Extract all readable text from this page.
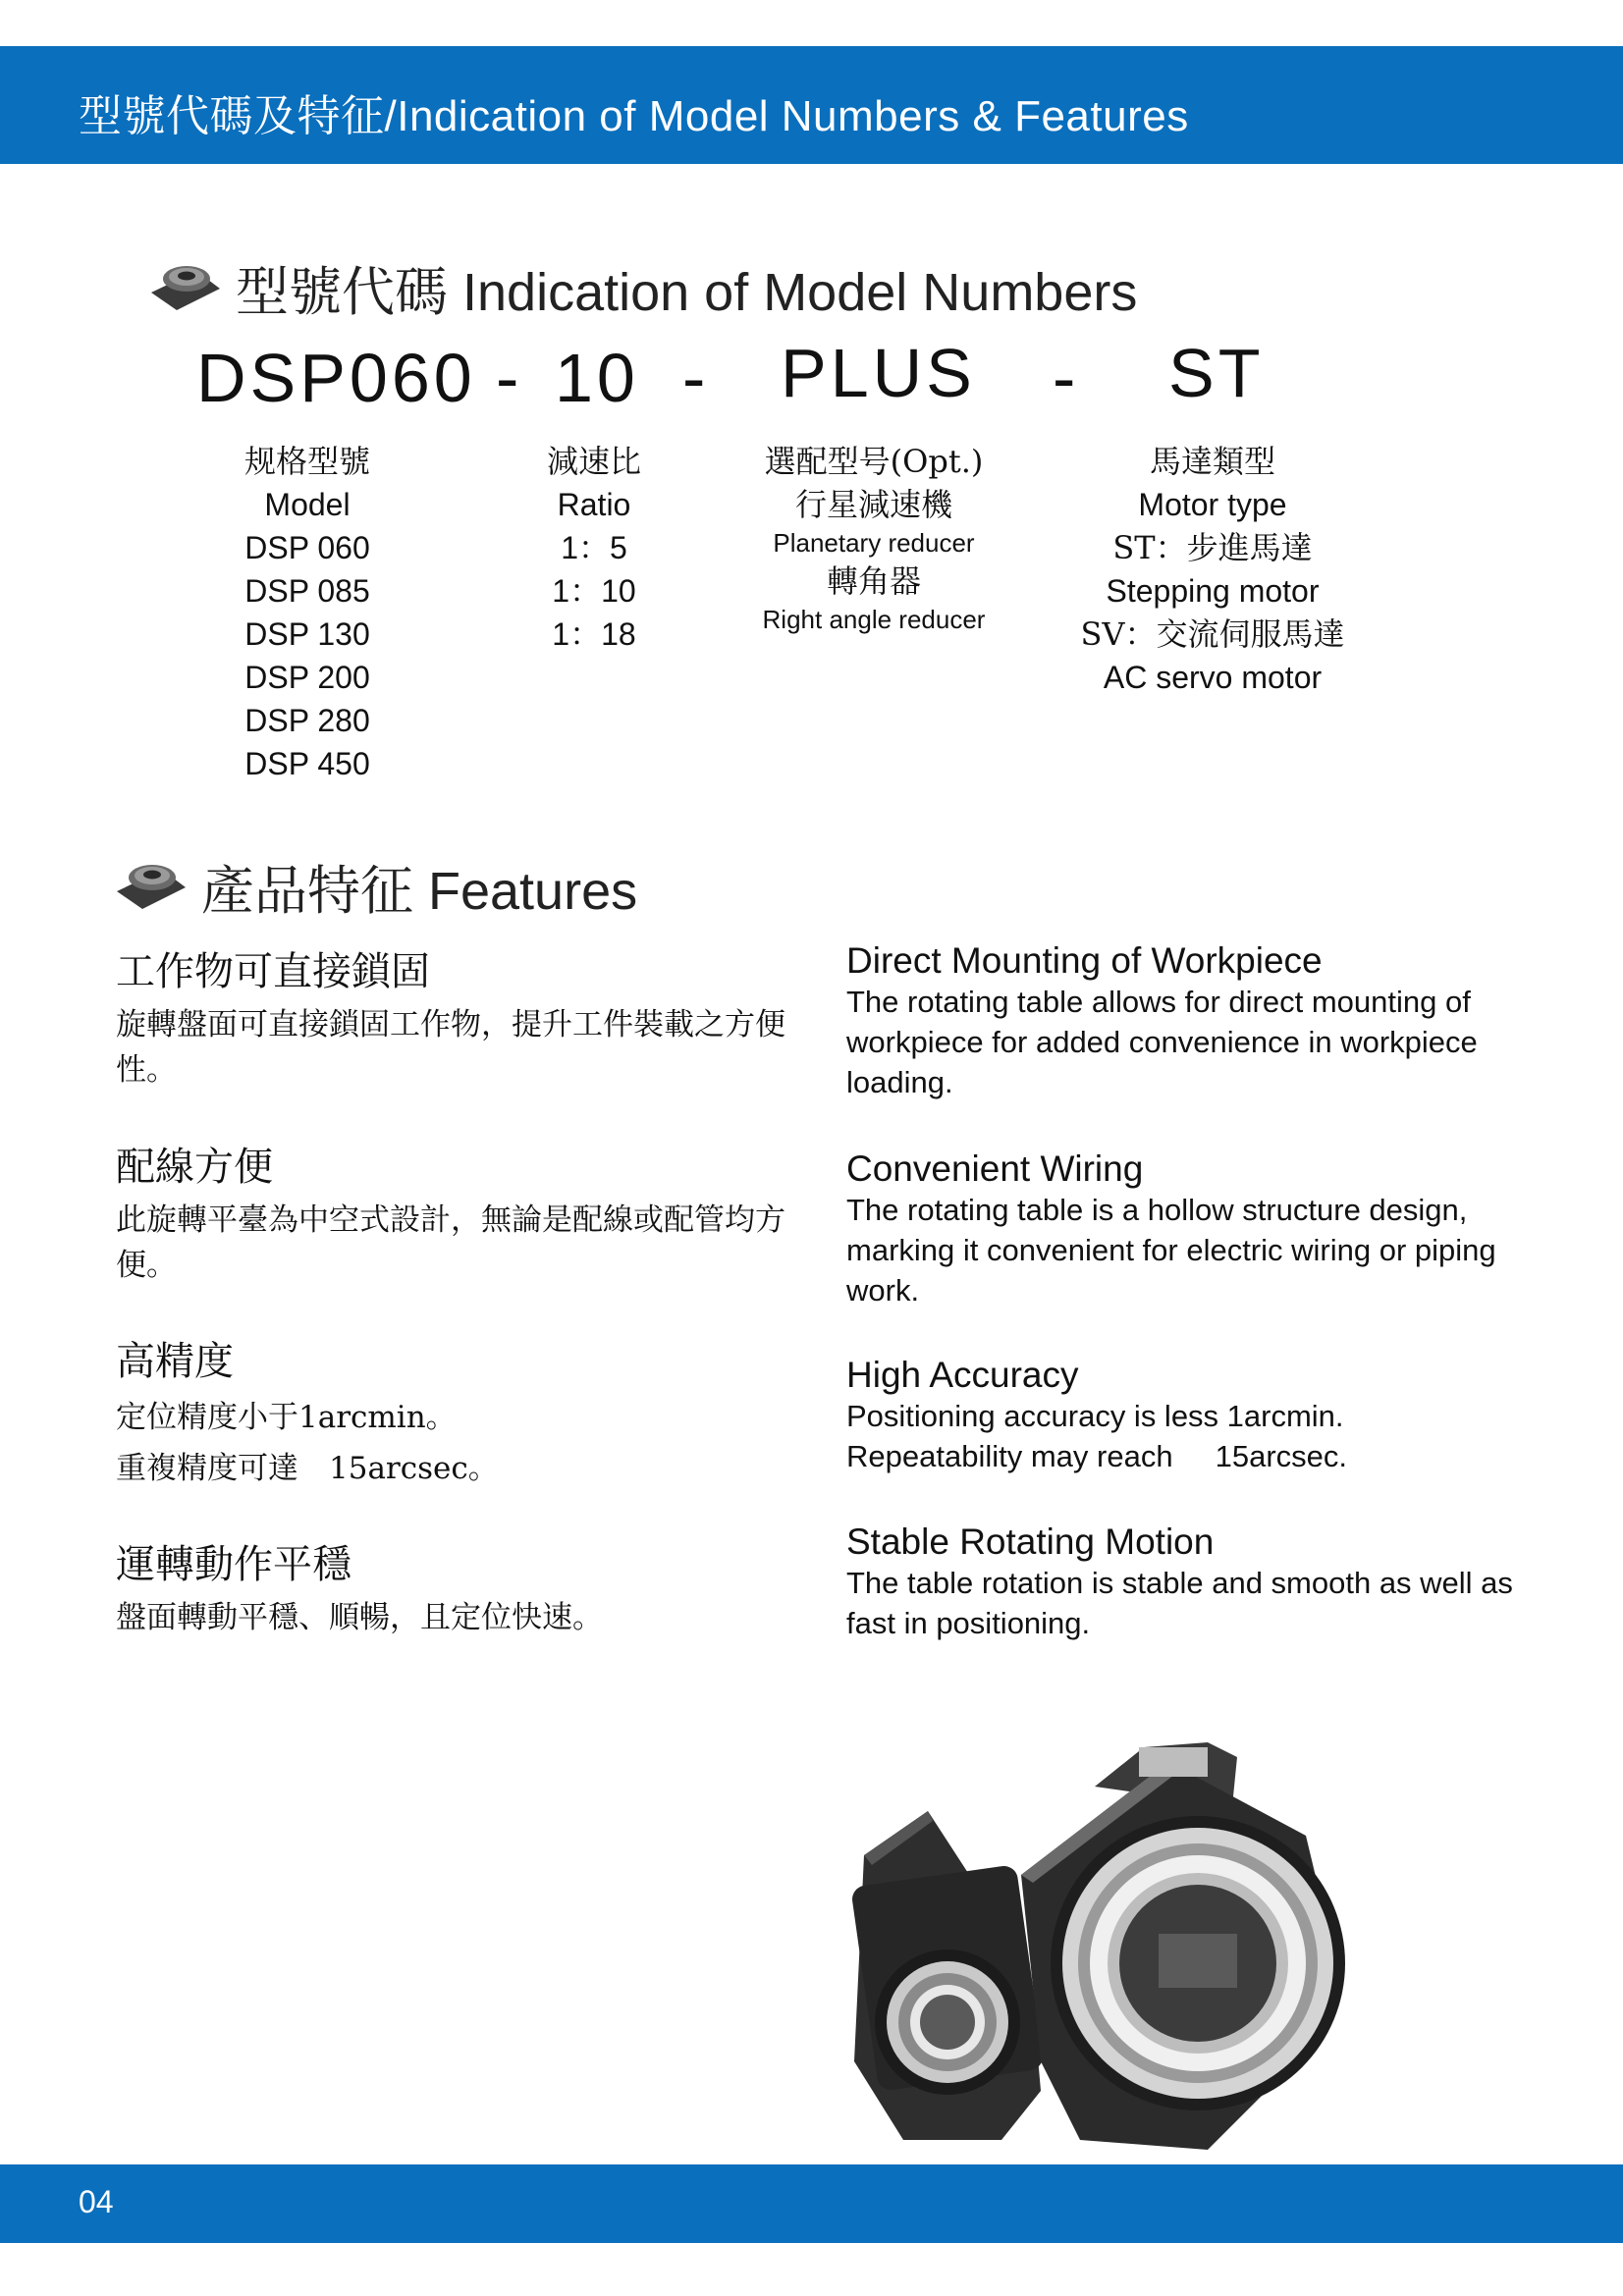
型號代碼及特征/Indication of Model Numbers & Features
型號代碼 Indication of Model Numbers
DSP060 - 10 - PLUS - ST
规格型號
Model
DSP 060
DSP 085
DSP 130
DSP 200
DSP 280
DSP 450
減速比
Ratio
1：5
1：10
1：18
選配型号(Opt.)
行星減速機
Planetary reducer
轉角器
Right angle reducer
馬達類型
Motor type
ST：步進馬達
Stepping motor
SV：交流伺服馬達
AC servo motor
產品特征 Features
工作物可直接鎖固
旋轉盤面可直接鎖固工作物，提升工件裝載之方便性。
Direct Mounting of Workpiece
The rotating table allows for direct mounting of workpiece for added convenience in workpiece loading.
配線方便
此旋轉平臺為中空式設計，無論是配線或配管均方便。
Convenient Wiring
The rotating table is a hollow structure design, marking it convenient for electric wiring or piping work.
高精度
定位精度小于1arcmin。
重複精度可達　15arcsec。
High Accuracy
Positioning accuracy is less 1arcmin.
Repeatability may reach     15arcsec.
運轉動作平穩
盤面轉動平穩、順暢，且定位快速。
Stable Rotating Motion
The table rotation is stable and smooth as well as fast in positioning.
04
